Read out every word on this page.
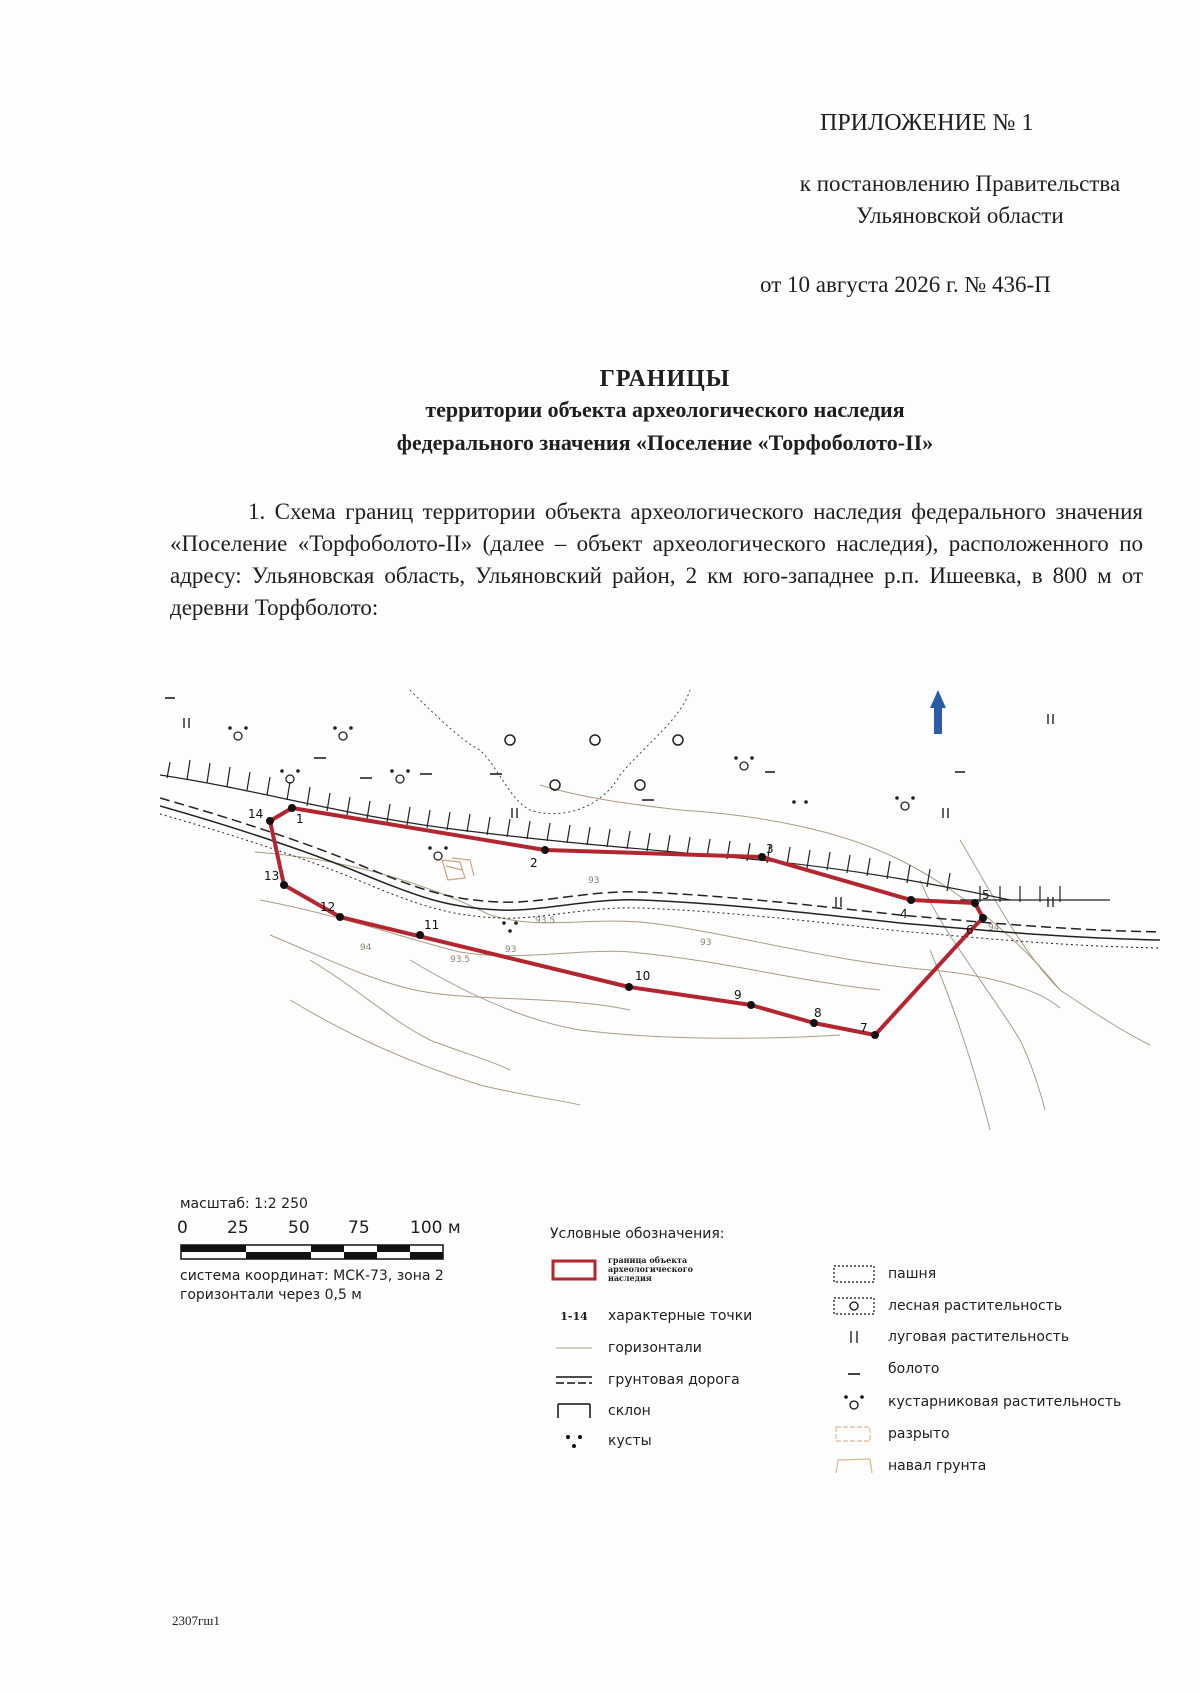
ПРИЛОЖЕНИЕ № 1
к постановлению Правительства
Ульяновской области
от 10 августа 2026 г. № 436-П
ГРАНИЦЫ
территории объекта археологического наследия
федерального значения «Поселение «Торфоболото-II»

1. Схема границ территории объекта археологического наследия федерального значения «Поселение «Торфоболото-II» (далее – объект археологического наследия), расположенного по адресу: Ульяновская область, Ульяновский район, 2 км юго-западнее р.п. Ишеевка, в 800 м от деревни Торфболото:

93
93
93.5
94
93.5
93
94
1
2
3
4
5
6
7
8
9
10
11
12
13
14
масштаб: 1:2 250
0 25 50 75 100 м
система координат: МСК-73, зона 2
горизонтали через 0,5 м
Условные обозначения:
граница объекта археологического наследия
1-14	характерные точки
горизонтали
грунтовая дорога
склон
кусты
пашня
лесная растительность
луговая растительность
болото
кустарниковая растительность
разрыто
навал грунта
2307гш1
